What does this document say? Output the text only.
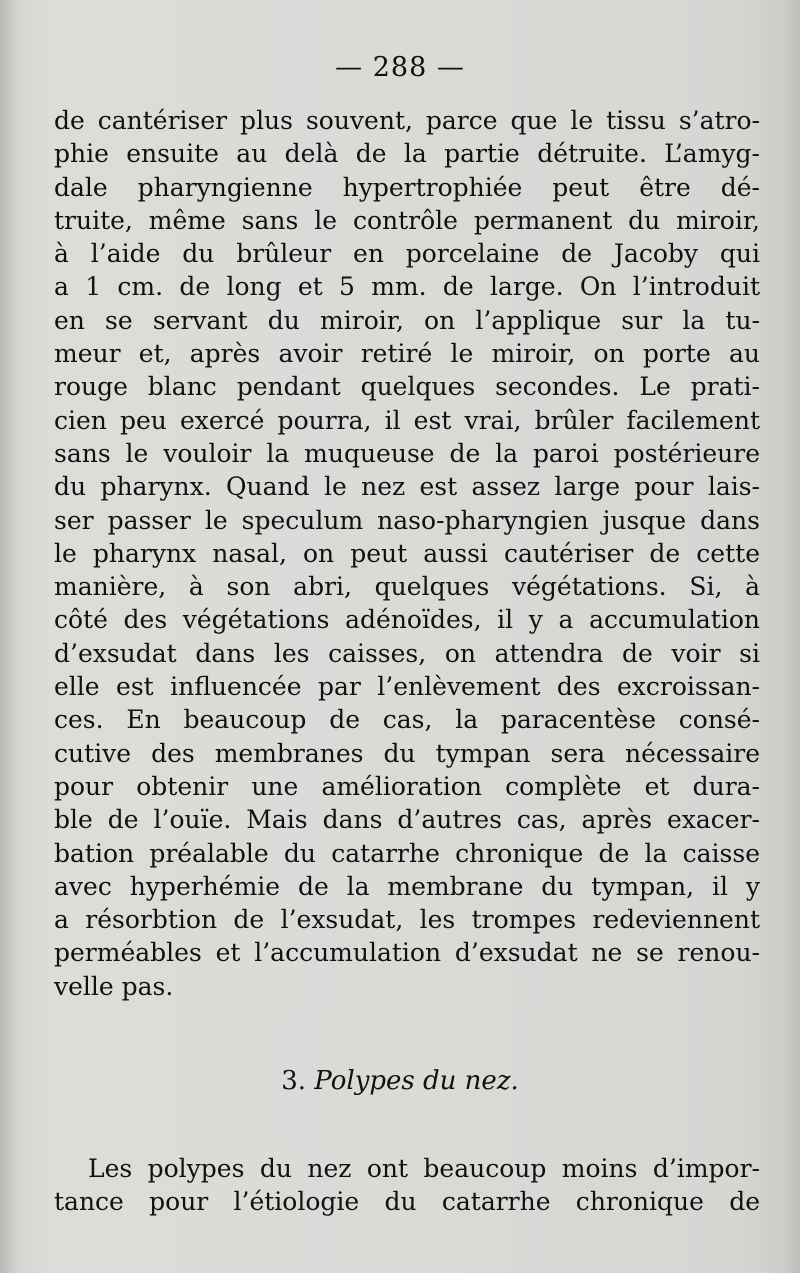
— 288 —
de cantériser plus souvent, parce que le tissu s’atro-
phie ensuite au delà de la partie détruite. L’amyg-
dale pharyngienne hypertrophiée peut être dé-
truite, même sans le contrôle permanent du miroir,
à l’aide du brûleur en porcelaine de Jacoby qui
a 1 cm. de long et 5 mm. de large. On l’introduit
en se servant du miroir, on l’applique sur la tu-
meur et, après avoir retiré le miroir, on porte au
rouge blanc pendant quelques secondes. Le prati-
cien peu exercé pourra, il est vrai, brûler facilement
sans le vouloir la muqueuse de la paroi postérieure
du pharynx. Quand le nez est assez large pour lais-
ser passer le speculum naso-pharyngien jusque dans
le pharynx nasal, on peut aussi cautériser de cette
manière, à son abri, quelques végétations. Si, à
côté des végétations adénoïdes, il y a accumulation
d’exsudat dans les caisses, on attendra de voir si
elle est influencée par l’enlèvement des excroissan-
ces. En beaucoup de cas, la paracentèse consé-
cutive des membranes du tympan sera nécessaire
pour obtenir une amélioration complète et dura-
ble de l’ouïe. Mais dans d’autres cas, après exacer-
bation préalable du catarrhe chronique de la caisse
avec hyperhémie de la membrane du tympan, il y
a résorbtion de l’exsudat, les trompes redeviennent
perméables et l’accumulation d’exsudat ne se renou-
velle pas.
3. Polypes du nez.
Les polypes du nez ont beaucoup moins d’impor-
tance pour l’étiologie du catarrhe chronique de
